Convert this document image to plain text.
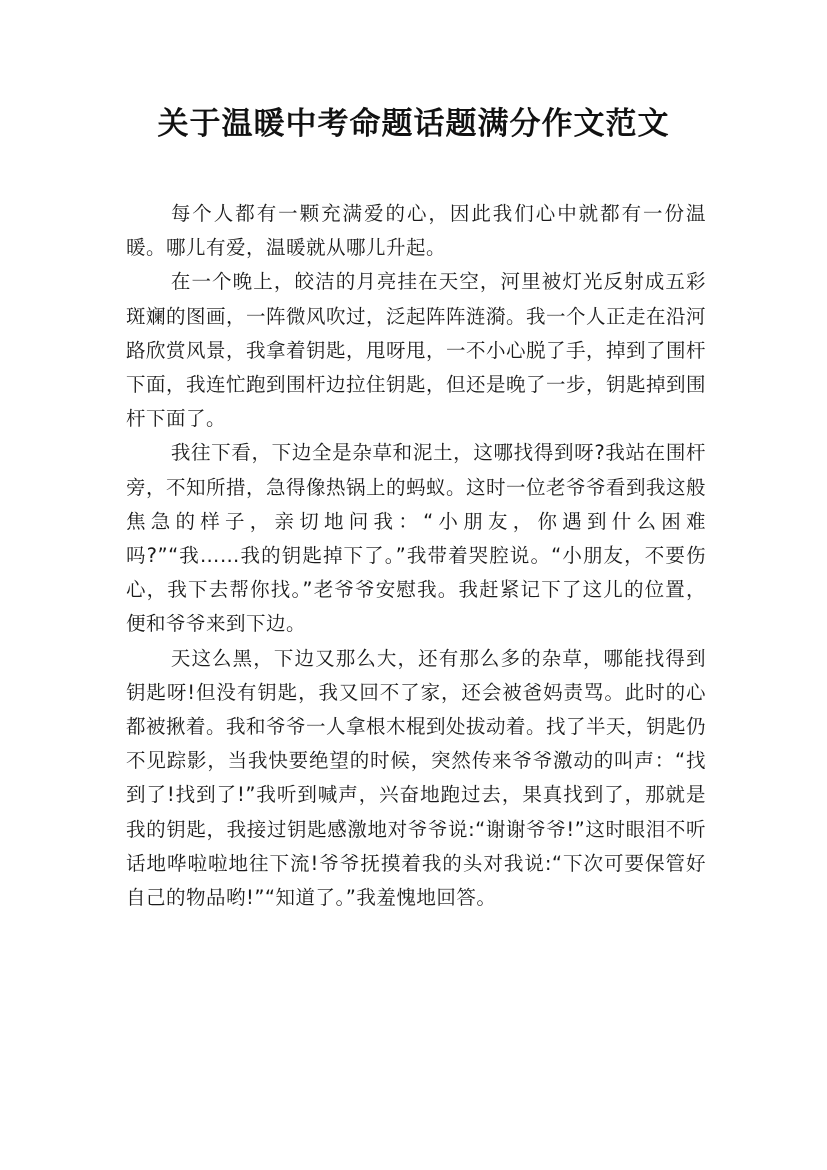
关于温暖中考命题话题满分作文范文

每个人都有一颗充满爱的心，因此我们心中就都有一份温暖。哪儿有爱，温暖就从哪儿升起。

在一个晚上，皎洁的月亮挂在天空，河里被灯光反射成五彩斑斓的图画，一阵微风吹过，泛起阵阵涟漪。我一个人正走在沿河路欣赏风景，我拿着钥匙，甩呀甩，一不小心脱了手，掉到了围杆下面，我连忙跑到围杆边拉住钥匙，但还是晚了一步，钥匙掉到围杆下面了。

我往下看，下边全是杂草和泥土，这哪找得到呀?我站在围杆旁，不知所措，急得像热锅上的蚂蚁。这时一位老爷爷看到我这般焦急的样子，亲切地问我：“小朋友，你遇到什么困难吗?”“我……我的钥匙掉下了。”我带着哭腔说。“小朋友，不要伤心，我下去帮你找。”老爷爷安慰我。我赶紧记下了这儿的位置，便和爷爷来到下边。

天这么黑，下边又那么大，还有那么多的杂草，哪能找得到钥匙呀!但没有钥匙，我又回不了家，还会被爸妈责骂。此时的心都被揪着。我和爷爷一人拿根木棍到处拔动着。找了半天，钥匙仍不见踪影，当我快要绝望的时候，突然传来爷爷激动的叫声：“找到了!找到了!”我听到喊声，兴奋地跑过去，果真找到了，那就是我的钥匙，我接过钥匙感激地对爷爷说:“谢谢爷爷!”这时眼泪不听话地哗啦啦地往下流!爷爷抚摸着我的头对我说:“下次可要保管好自己的物品哟!”“知道了。”我羞愧地回答。
